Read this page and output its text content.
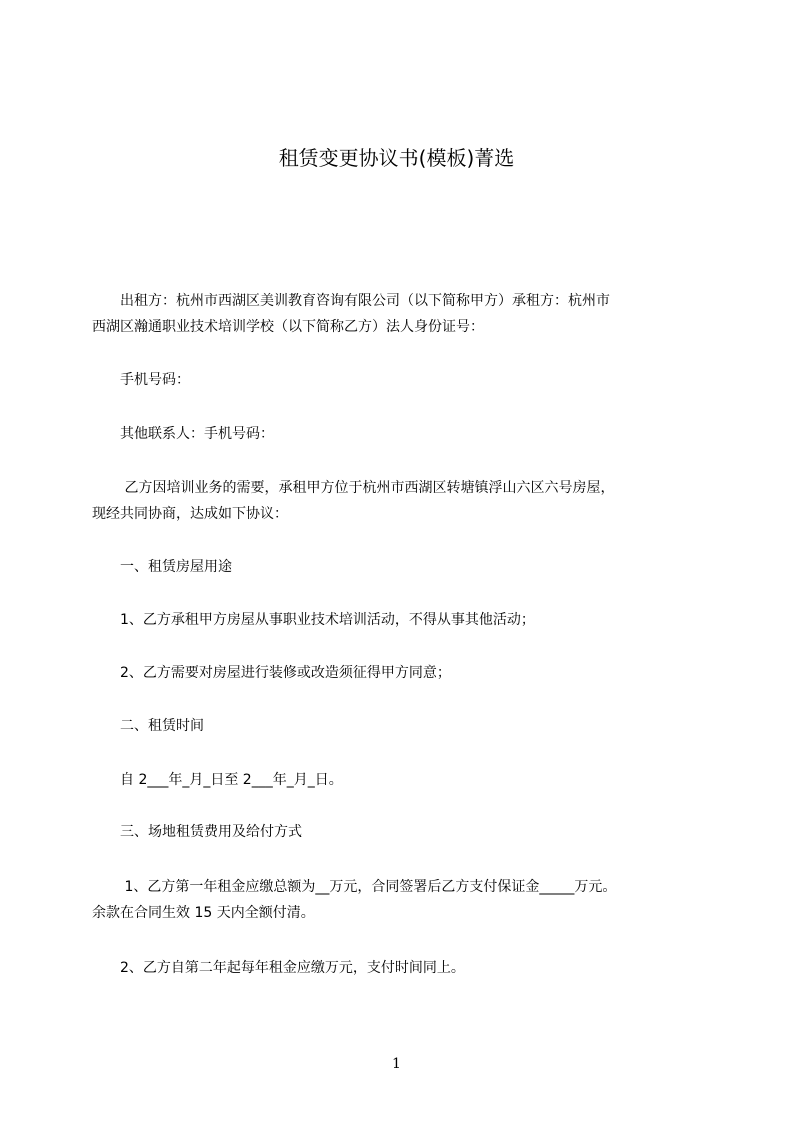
租赁变更协议书(模板)菁选
　　出租方：杭州市西湖区美训教育咨询有限公司（以下简称甲方）承租方：杭州市
西湖区瀚通职业技术培训学校（以下简称乙方）法人身份证号：
　　手机号码：
　　其他联系人：手机号码：
　　 乙方因培训业务的需要，承租甲方位于杭州市西湖区转塘镇浮山六区六号房屋，
现经共同协商，达成如下协议：
　　一、租赁房屋用途
　　1、乙方承租甲方房屋从事职业技术培训活动，不得从事其他活动；
　　2、乙方需要对房屋进行装修或改造须征得甲方同意；
　　二、租赁时间
　　自 2___年_月_日至 2___年_月_日。
　　三、场地租赁费用及给付方式
　　 1、乙方第一年租金应缴总额为__万元，合同签署后乙方支付保证金_____万元。
余款在合同生效 15 天内全额付清。
　　2、乙方自第二年起每年租金应缴万元，支付时间同上。
1
